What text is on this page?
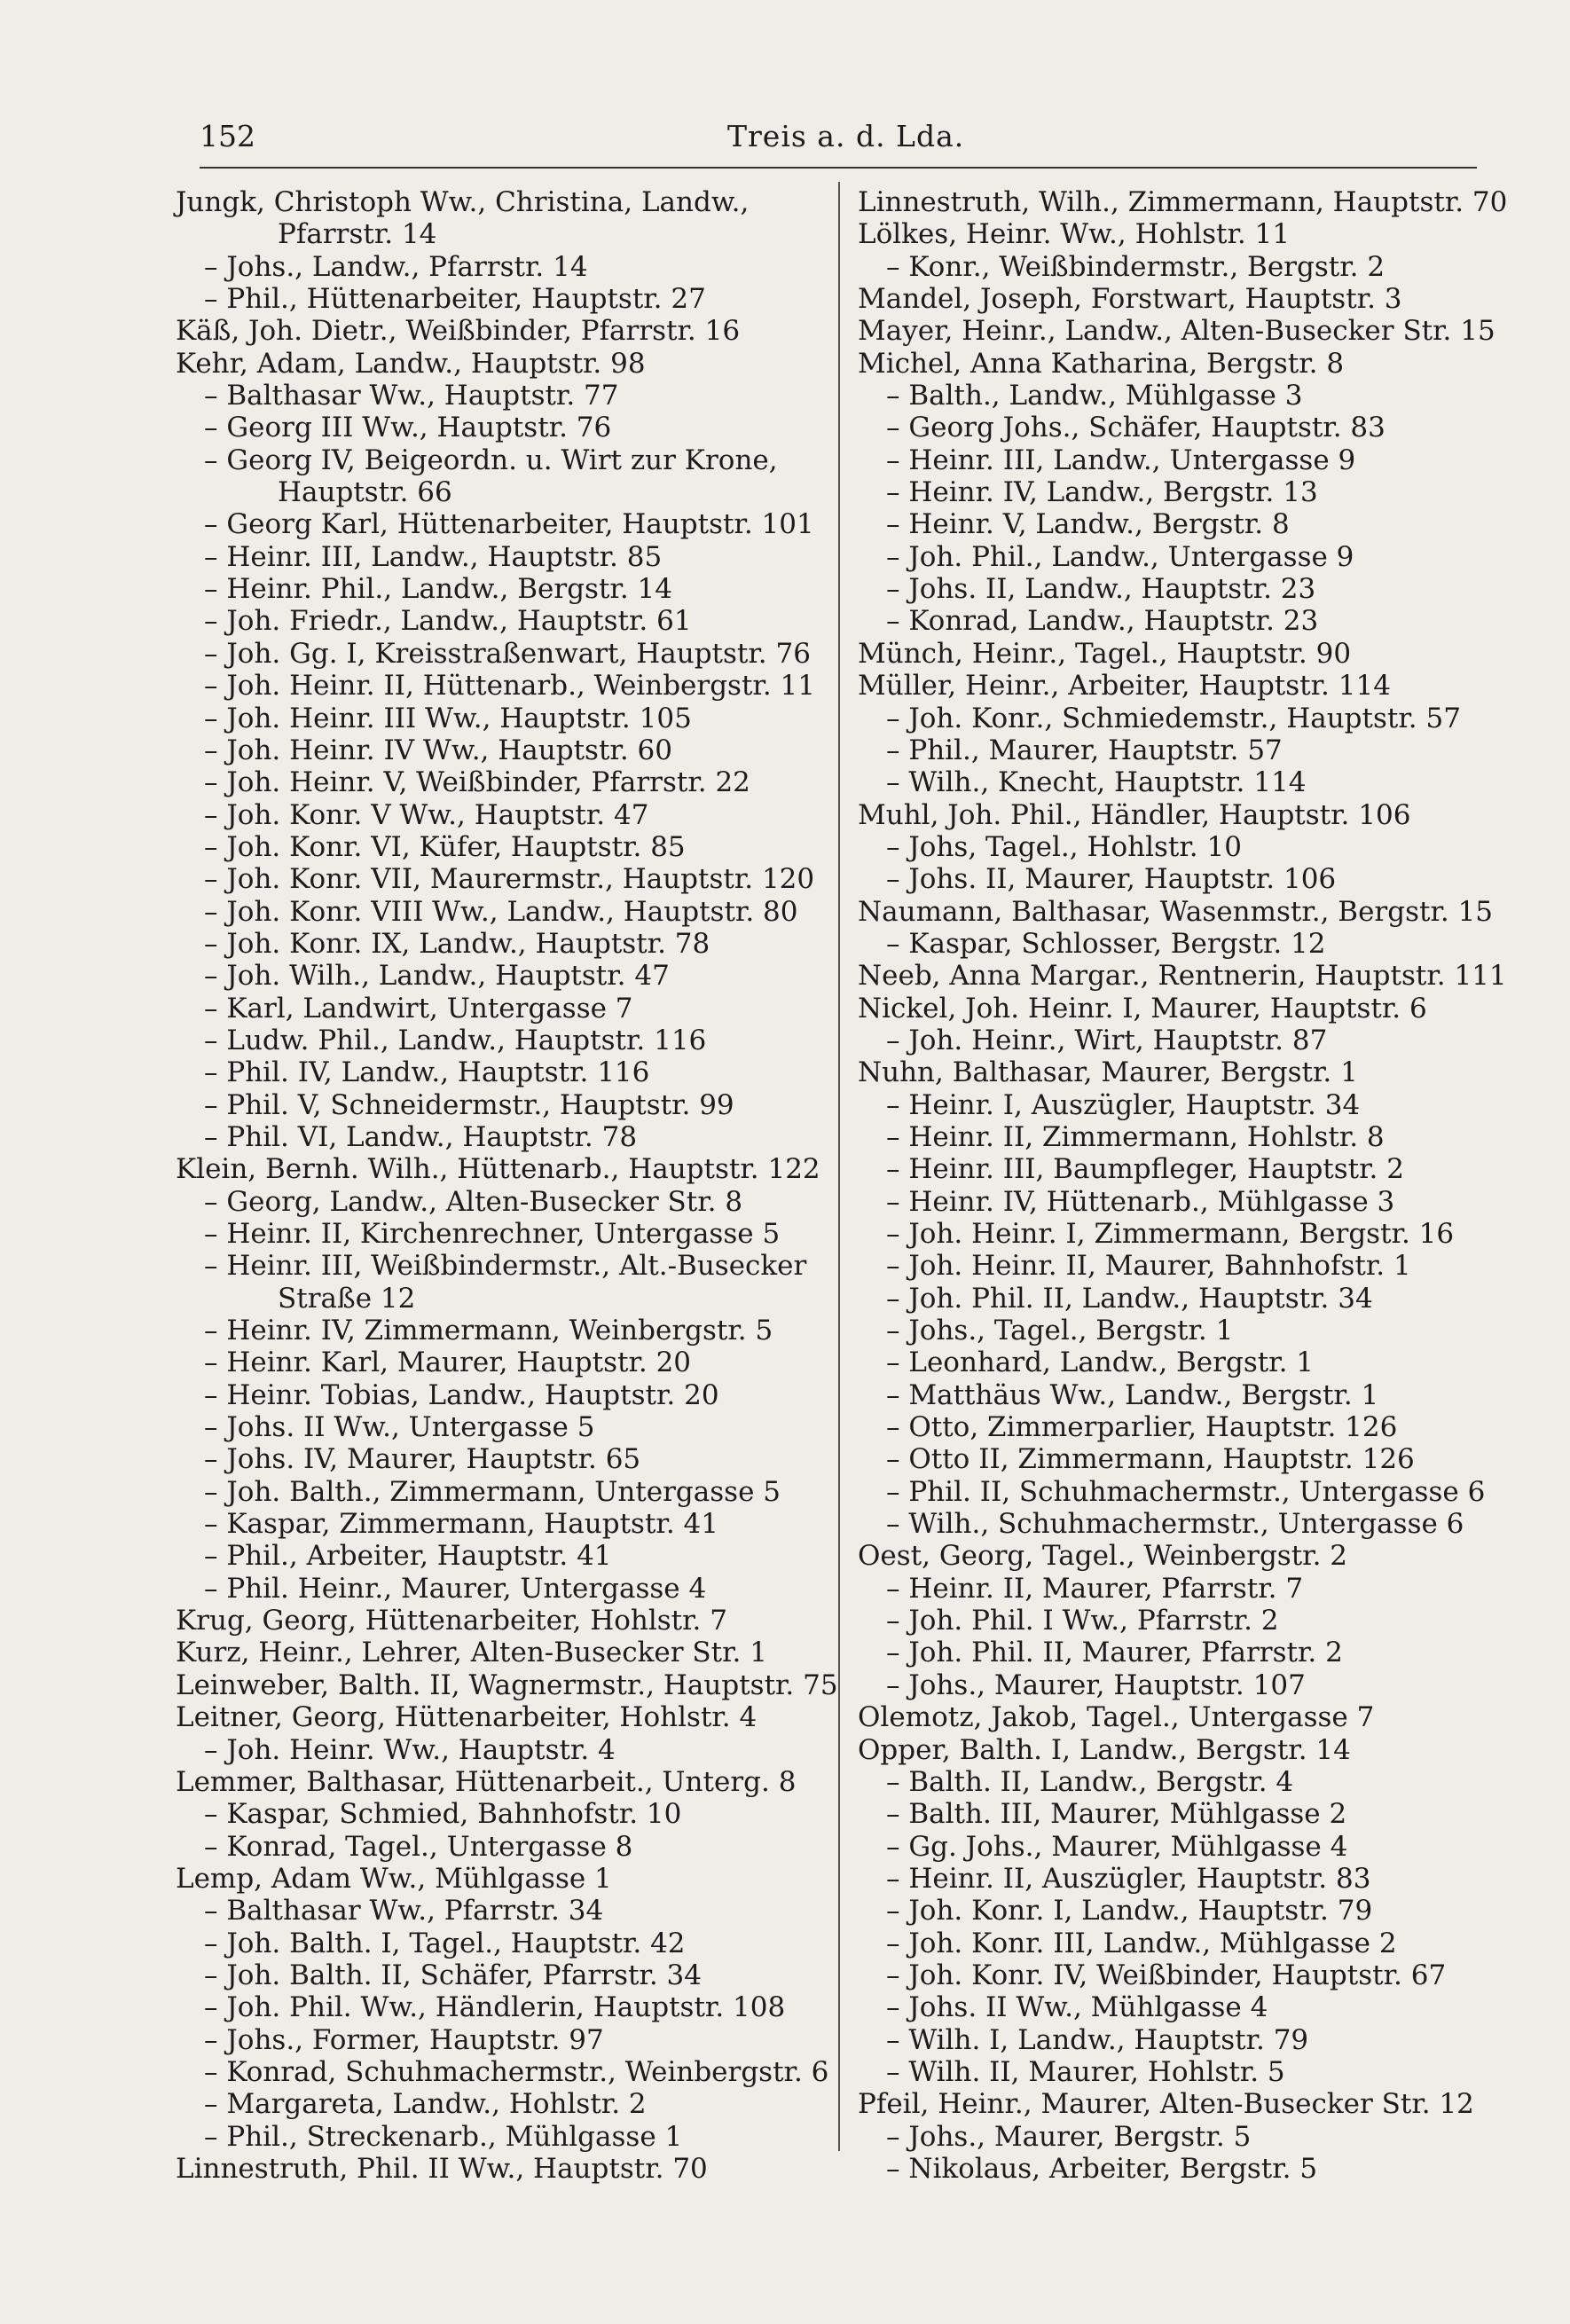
152	Treis a. d. Lda.
Jungk, Christoph Ww., Christina, Landw.,
Pfarrstr. 14
– Johs., Landw., Pfarrstr. 14
– Phil., Hüttenarbeiter, Hauptstr. 27
Käß, Joh. Dietr., Weißbinder, Pfarrstr. 16
Kehr, Adam, Landw., Hauptstr. 98
– Balthasar Ww., Hauptstr. 77
– Georg III Ww., Hauptstr. 76
– Georg IV, Beigeordn. u. Wirt zur Krone,
Hauptstr. 66
– Georg Karl, Hüttenarbeiter, Hauptstr. 101
– Heinr. III, Landw., Hauptstr. 85
– Heinr. Phil., Landw., Bergstr. 14
– Joh. Friedr., Landw., Hauptstr. 61
– Joh. Gg. I, Kreisstraßenwart, Hauptstr. 76
– Joh. Heinr. II, Hüttenarb., Weinbergstr. 11
– Joh. Heinr. III Ww., Hauptstr. 105
– Joh. Heinr. IV Ww., Hauptstr. 60
– Joh. Heinr. V, Weißbinder, Pfarrstr. 22
– Joh. Konr. V Ww., Hauptstr. 47
– Joh. Konr. VI, Küfer, Hauptstr. 85
– Joh. Konr. VII, Maurermstr., Hauptstr. 120
– Joh. Konr. VIII Ww., Landw., Hauptstr. 80
– Joh. Konr. IX, Landw., Hauptstr. 78
– Joh. Wilh., Landw., Hauptstr. 47
– Karl, Landwirt, Untergasse 7
– Ludw. Phil., Landw., Hauptstr. 116
– Phil. IV, Landw., Hauptstr. 116
– Phil. V, Schneidermstr., Hauptstr. 99
– Phil. VI, Landw., Hauptstr. 78
Klein, Bernh. Wilh., Hüttenarb., Hauptstr. 122
– Georg, Landw., Alten-Busecker Str. 8
– Heinr. II, Kirchenrechner, Untergasse 5
– Heinr. III, Weißbindermstr., Alt.-Busecker
Straße 12
– Heinr. IV, Zimmermann, Weinbergstr. 5
– Heinr. Karl, Maurer, Hauptstr. 20
– Heinr. Tobias, Landw., Hauptstr. 20
– Johs. II Ww., Untergasse 5
– Johs. IV, Maurer, Hauptstr. 65
– Joh. Balth., Zimmermann, Untergasse 5
– Kaspar, Zimmermann, Hauptstr. 41
– Phil., Arbeiter, Hauptstr. 41
– Phil. Heinr., Maurer, Untergasse 4
Krug, Georg, Hüttenarbeiter, Hohlstr. 7
Kurz, Heinr., Lehrer, Alten-Busecker Str. 1
Leinweber, Balth. II, Wagnermstr., Hauptstr. 75
Leitner, Georg, Hüttenarbeiter, Hohlstr. 4
– Joh. Heinr. Ww., Hauptstr. 4
Lemmer, Balthasar, Hüttenarbeit., Unterg. 8
– Kaspar, Schmied, Bahnhofstr. 10
– Konrad, Tagel., Untergasse 8
Lemp, Adam Ww., Mühlgasse 1
– Balthasar Ww., Pfarrstr. 34
– Joh. Balth. I, Tagel., Hauptstr. 42
– Joh. Balth. II, Schäfer, Pfarrstr. 34
– Joh. Phil. Ww., Händlerin, Hauptstr. 108
– Johs., Former, Hauptstr. 97
– Konrad, Schuhmachermstr., Weinbergstr. 6
– Margareta, Landw., Hohlstr. 2
– Phil., Streckenarb., Mühlgasse 1
Linnestruth, Phil. II Ww., Hauptstr. 70
Linnestruth, Wilh., Zimmermann, Hauptstr. 70
Lölkes, Heinr. Ww., Hohlstr. 11
– Konr., Weißbindermstr., Bergstr. 2
Mandel, Joseph, Forstwart, Hauptstr. 3
Mayer, Heinr., Landw., Alten-Busecker Str. 15
Michel, Anna Katharina, Bergstr. 8
– Balth., Landw., Mühlgasse 3
– Georg Johs., Schäfer, Hauptstr. 83
– Heinr. III, Landw., Untergasse 9
– Heinr. IV, Landw., Bergstr. 13
– Heinr. V, Landw., Bergstr. 8
– Joh. Phil., Landw., Untergasse 9
– Johs. II, Landw., Hauptstr. 23
– Konrad, Landw., Hauptstr. 23
Münch, Heinr., Tagel., Hauptstr. 90
Müller, Heinr., Arbeiter, Hauptstr. 114
– Joh. Konr., Schmiedemstr., Hauptstr. 57
– Phil., Maurer, Hauptstr. 57
– Wilh., Knecht, Hauptstr. 114
Muhl, Joh. Phil., Händler, Hauptstr. 106
– Johs, Tagel., Hohlstr. 10
– Johs. II, Maurer, Hauptstr. 106
Naumann, Balthasar, Wasenmstr., Bergstr. 15
– Kaspar, Schlosser, Bergstr. 12
Neeb, Anna Margar., Rentnerin, Hauptstr. 111
Nickel, Joh. Heinr. I, Maurer, Hauptstr. 6
– Joh. Heinr., Wirt, Hauptstr. 87
Nuhn, Balthasar, Maurer, Bergstr. 1
– Heinr. I, Auszügler, Hauptstr. 34
– Heinr. II, Zimmermann, Hohlstr. 8
– Heinr. III, Baumpfleger, Hauptstr. 2
– Heinr. IV, Hüttenarb., Mühlgasse 3
– Joh. Heinr. I, Zimmermann, Bergstr. 16
– Joh. Heinr. II, Maurer, Bahnhofstr. 1
– Joh. Phil. II, Landw., Hauptstr. 34
– Johs., Tagel., Bergstr. 1
– Leonhard, Landw., Bergstr. 1
– Matthäus Ww., Landw., Bergstr. 1
– Otto, Zimmerparlier, Hauptstr. 126
– Otto II, Zimmermann, Hauptstr. 126
– Phil. II, Schuhmachermstr., Untergasse 6
– Wilh., Schuhmachermstr., Untergasse 6
Oest, Georg, Tagel., Weinbergstr. 2
– Heinr. II, Maurer, Pfarrstr. 7
– Joh. Phil. I Ww., Pfarrstr. 2
– Joh. Phil. II, Maurer, Pfarrstr. 2
– Johs., Maurer, Hauptstr. 107
Olemotz, Jakob, Tagel., Untergasse 7
Opper, Balth. I, Landw., Bergstr. 14
– Balth. II, Landw., Bergstr. 4
– Balth. III, Maurer, Mühlgasse 2
– Gg. Johs., Maurer, Mühlgasse 4
– Heinr. II, Auszügler, Hauptstr. 83
– Joh. Konr. I, Landw., Hauptstr. 79
– Joh. Konr. III, Landw., Mühlgasse 2
– Joh. Konr. IV, Weißbinder, Hauptstr. 67
– Johs. II Ww., Mühlgasse 4
– Wilh. I, Landw., Hauptstr. 79
– Wilh. II, Maurer, Hohlstr. 5
Pfeil, Heinr., Maurer, Alten-Busecker Str. 12
– Johs., Maurer, Bergstr. 5
– Nikolaus, Arbeiter, Bergstr. 5
